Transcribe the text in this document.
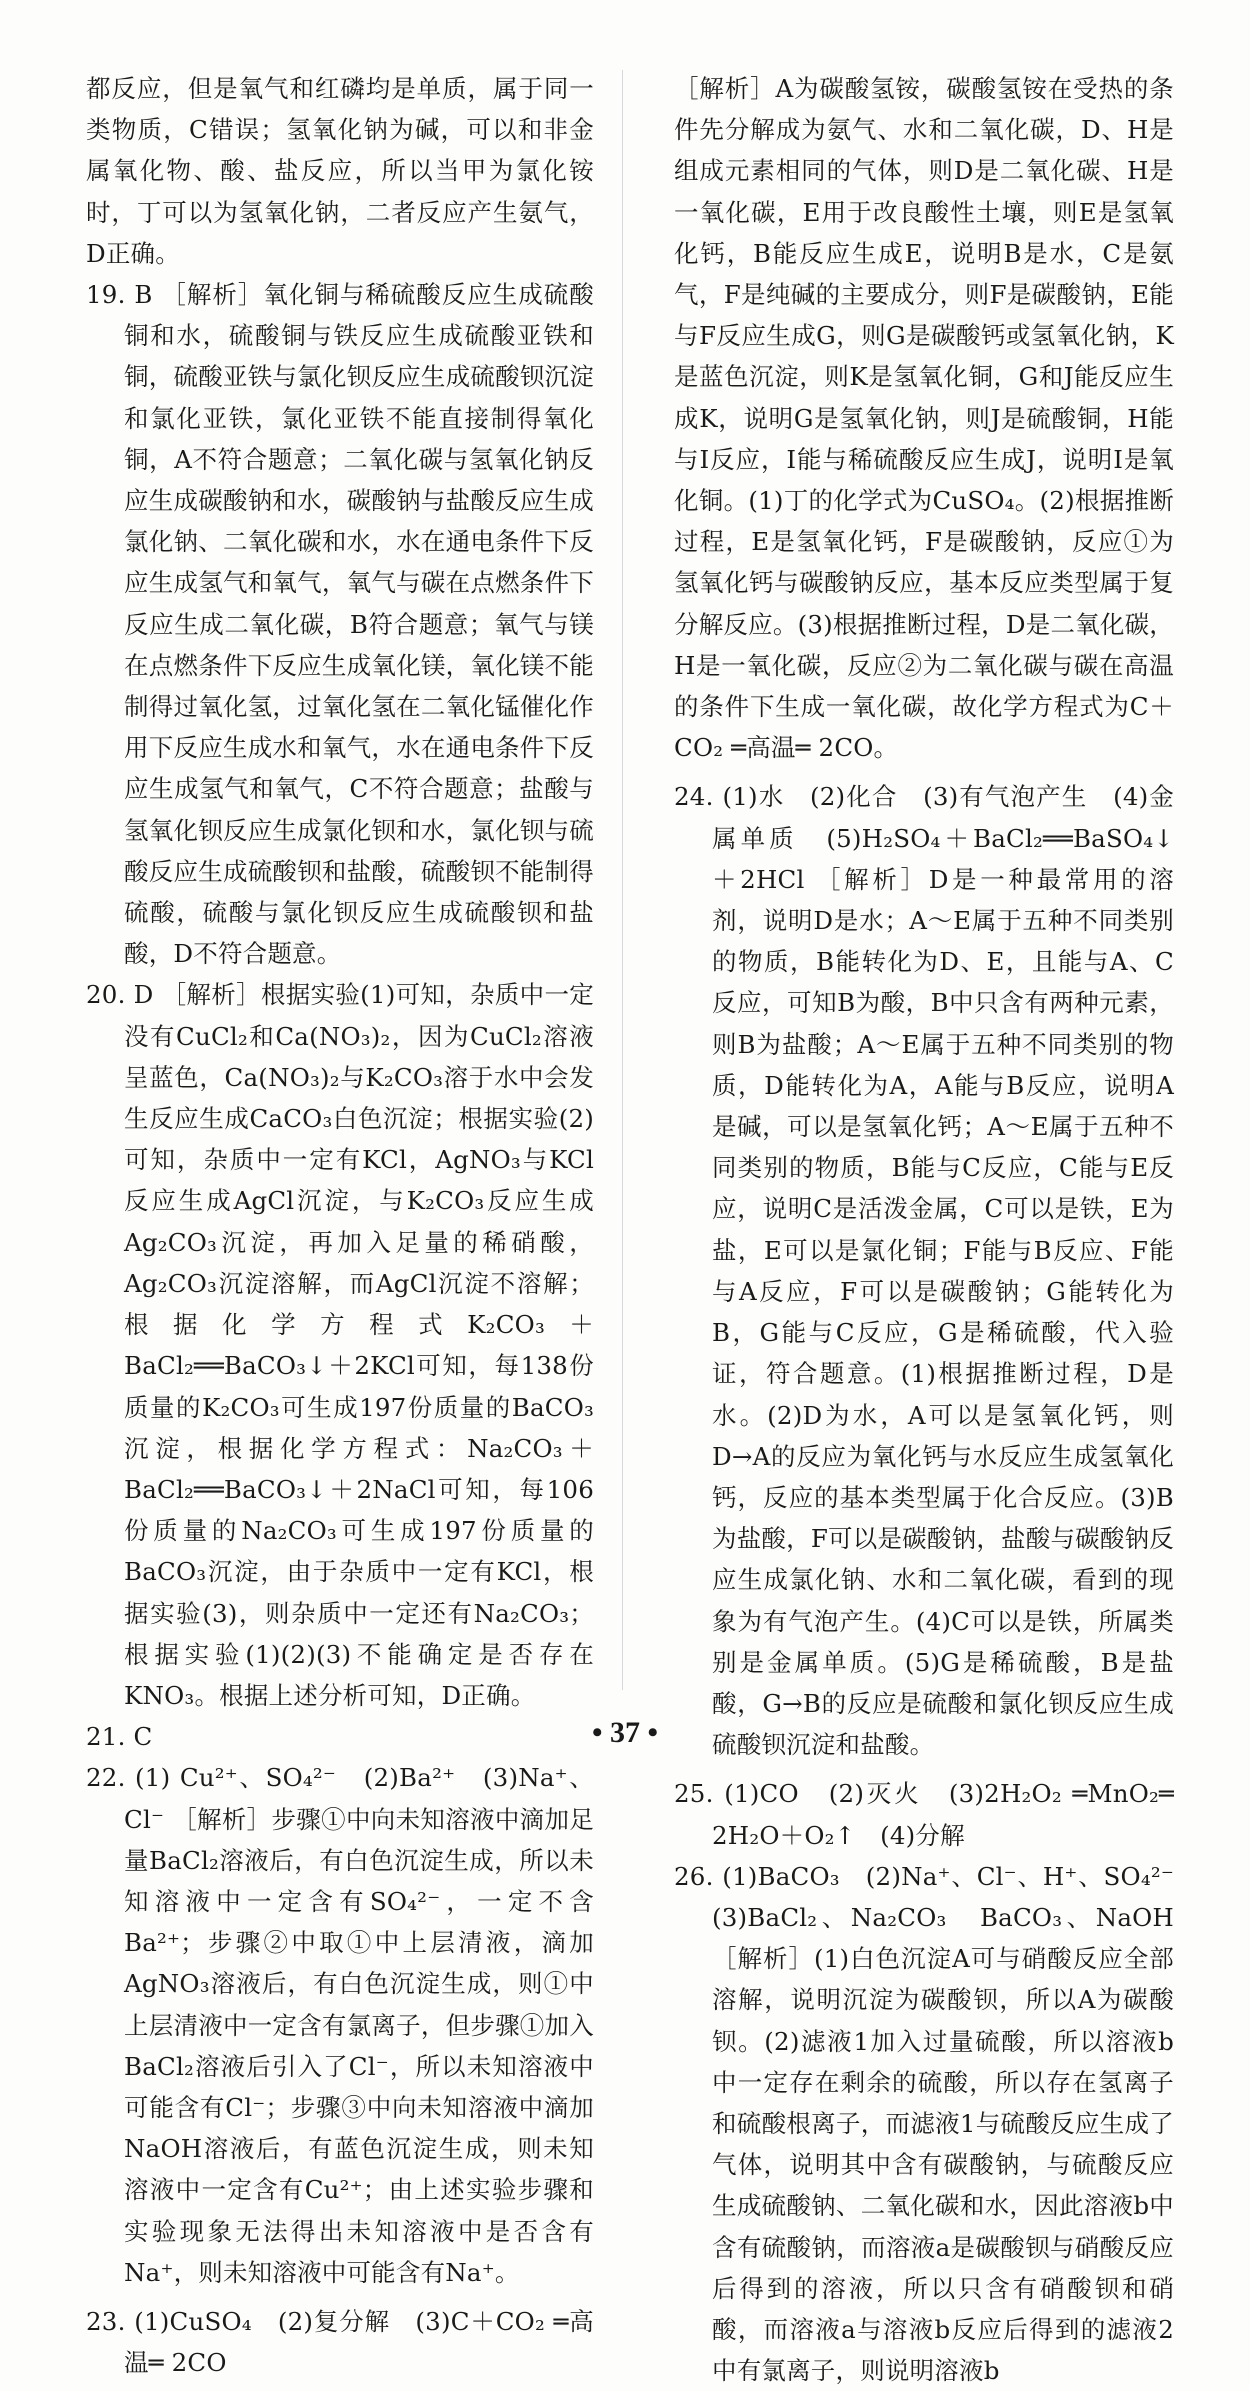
都反应，但是氧气和红磷均是单质，属于同一类物质，C错误；氢氧化钠为碱，可以和非金属氧化物、酸、盐反应，所以当甲为氯化铵时，丁可以为氢氧化钠，二者反应产生氨气，D正确。

19. B ［解析］氧化铜与稀硫酸反应生成硫酸铜和水，硫酸铜与铁反应生成硫酸亚铁和铜，硫酸亚铁与氯化钡反应生成硫酸钡沉淀和氯化亚铁，氯化亚铁不能直接制得氧化铜，A不符合题意；二氧化碳与氢氧化钠反应生成碳酸钠和水，碳酸钠与盐酸反应生成氯化钠、二氧化碳和水，水在通电条件下反应生成氢气和氧气，氧气与碳在点燃条件下反应生成二氧化碳，B符合题意；氧气与镁在点燃条件下反应生成氧化镁，氧化镁不能制得过氧化氢，过氧化氢在二氧化锰催化作用下反应生成水和氧气，水在通电条件下反应生成氢气和氧气，C不符合题意；盐酸与氢氧化钡反应生成氯化钡和水，氯化钡与硫酸反应生成硫酸钡和盐酸，硫酸钡不能制得硫酸，硫酸与氯化钡反应生成硫酸钡和盐酸，D不符合题意。

20. D ［解析］根据实验(1)可知，杂质中一定没有CuCl₂和Ca(NO₃)₂，因为CuCl₂溶液呈蓝色，Ca(NO₃)₂与K₂CO₃溶于水中会发生反应生成CaCO₃白色沉淀；根据实验(2)可知，杂质中一定有KCl，AgNO₃与KCl反应生成AgCl沉淀，与K₂CO₃反应生成Ag₂CO₃沉淀，再加入足量的稀硝酸，Ag₂CO₃沉淀溶解，而AgCl沉淀不溶解；根据化学方程式K₂CO₃＋BaCl₂══BaCO₃↓＋2KCl可知，每138份质量的K₂CO₃可生成197份质量的BaCO₃沉淀，根据化学方程式：Na₂CO₃＋BaCl₂══BaCO₃↓＋2NaCl可知，每106份质量的Na₂CO₃可生成197份质量的BaCO₃沉淀，由于杂质中一定有KCl，根据实验(3)，则杂质中一定还有Na₂CO₃；根据实验(1)(2)(3)不能确定是否存在KNO₃。根据上述分析可知，D正确。

21. C

22. (1) Cu²⁺、SO₄²⁻　(2)Ba²⁺　(3)Na⁺、Cl⁻ ［解析］步骤①中向未知溶液中滴加足量BaCl₂溶液后，有白色沉淀生成，所以未知溶液中一定含有SO₄²⁻，一定不含Ba²⁺；步骤②中取①中上层清液，滴加AgNO₃溶液后，有白色沉淀生成，则①中上层清液中一定含有氯离子，但步骤①加入BaCl₂溶液后引入了Cl⁻，所以未知溶液中可能含有Cl⁻；步骤③中向未知溶液中滴加NaOH溶液后，有蓝色沉淀生成，则未知溶液中一定含有Cu²⁺；由上述实验步骤和实验现象无法得出未知溶液中是否含有Na⁺，则未知溶液中可能含有Na⁺。

23. (1)CuSO₄　(2)复分解　(3)C＋CO₂ ═高温═ 2CO

［解析］A为碳酸氢铵，碳酸氢铵在受热的条件先分解成为氨气、水和二氧化碳，D、H是组成元素相同的气体，则D是二氧化碳、H是一氧化碳，E用于改良酸性土壤，则E是氢氧化钙，B能反应生成E，说明B是水，C是氨气，F是纯碱的主要成分，则F是碳酸钠，E能与F反应生成G，则G是碳酸钙或氢氧化钠，K是蓝色沉淀，则K是氢氧化铜，G和J能反应生成K，说明G是氢氧化钠，则J是硫酸铜，H能与I反应，I能与稀硫酸反应生成J，说明I是氧化铜。(1)丁的化学式为CuSO₄。(2)根据推断过程，E是氢氧化钙，F是碳酸钠，反应①为氢氧化钙与碳酸钠反应，基本反应类型属于复分解反应。(3)根据推断过程，D是二氧化碳，H是一氧化碳，反应②为二氧化碳与碳在高温的条件下生成一氧化碳，故化学方程式为C＋CO₂ ═高温═ 2CO。

24. (1)水　(2)化合　(3)有气泡产生　(4)金属单质　(5)H₂SO₄＋BaCl₂══BaSO₄↓＋2HCl ［解析］D是一种最常用的溶剂，说明D是水；A～E属于五种不同类别的物质，B能转化为D、E，且能与A、C反应，可知B为酸，B中只含有两种元素，则B为盐酸；A～E属于五种不同类别的物质，D能转化为A，A能与B反应，说明A是碱，可以是氢氧化钙；A～E属于五种不同类别的物质，B能与C反应，C能与E反应，说明C是活泼金属，C可以是铁，E为盐，E可以是氯化铜；F能与B反应、F能与A反应，F可以是碳酸钠；G能转化为B，G能与C反应，G是稀硫酸，代入验证，符合题意。(1)根据推断过程，D是水。(2)D为水，A可以是氢氧化钙，则D→A的反应为氧化钙与水反应生成氢氧化钙，反应的基本类型属于化合反应。(3)B为盐酸，F可以是碳酸钠，盐酸与碳酸钠反应生成氯化钠、水和二氧化碳，看到的现象为有气泡产生。(4)C可以是铁，所属类别是金属单质。(5)G是稀硫酸，B是盐酸，G→B的反应是硫酸和氯化钡反应生成硫酸钡沉淀和盐酸。

25. (1)CO　(2)灭火　(3)2H₂O₂ ═MnO₂═ 2H₂O＋O₂↑　(4)分解

26. (1)BaCO₃　(2)Na⁺、Cl⁻、H⁺、SO₄²⁻　(3)BaCl₂、Na₂CO₃　BaCO₃、NaOH ［解析］(1)白色沉淀A可与硝酸反应全部溶解，说明沉淀为碳酸钡，所以A为碳酸钡。(2)滤液1加入过量硫酸，所以溶液b中一定存在剩余的硫酸，所以存在氢离子和硫酸根离子，而滤液1与硫酸反应生成了气体，说明其中含有碳酸钠，与硫酸反应生成硫酸钠、二氧化碳和水，因此溶液b中含有硫酸钠，而溶液a是碳酸钡与硝酸反应后得到的溶液，所以只含有硝酸钡和硝酸，而溶液a与溶液b反应后得到的滤液2中有氯离子，则说明溶液b

• 37 •
